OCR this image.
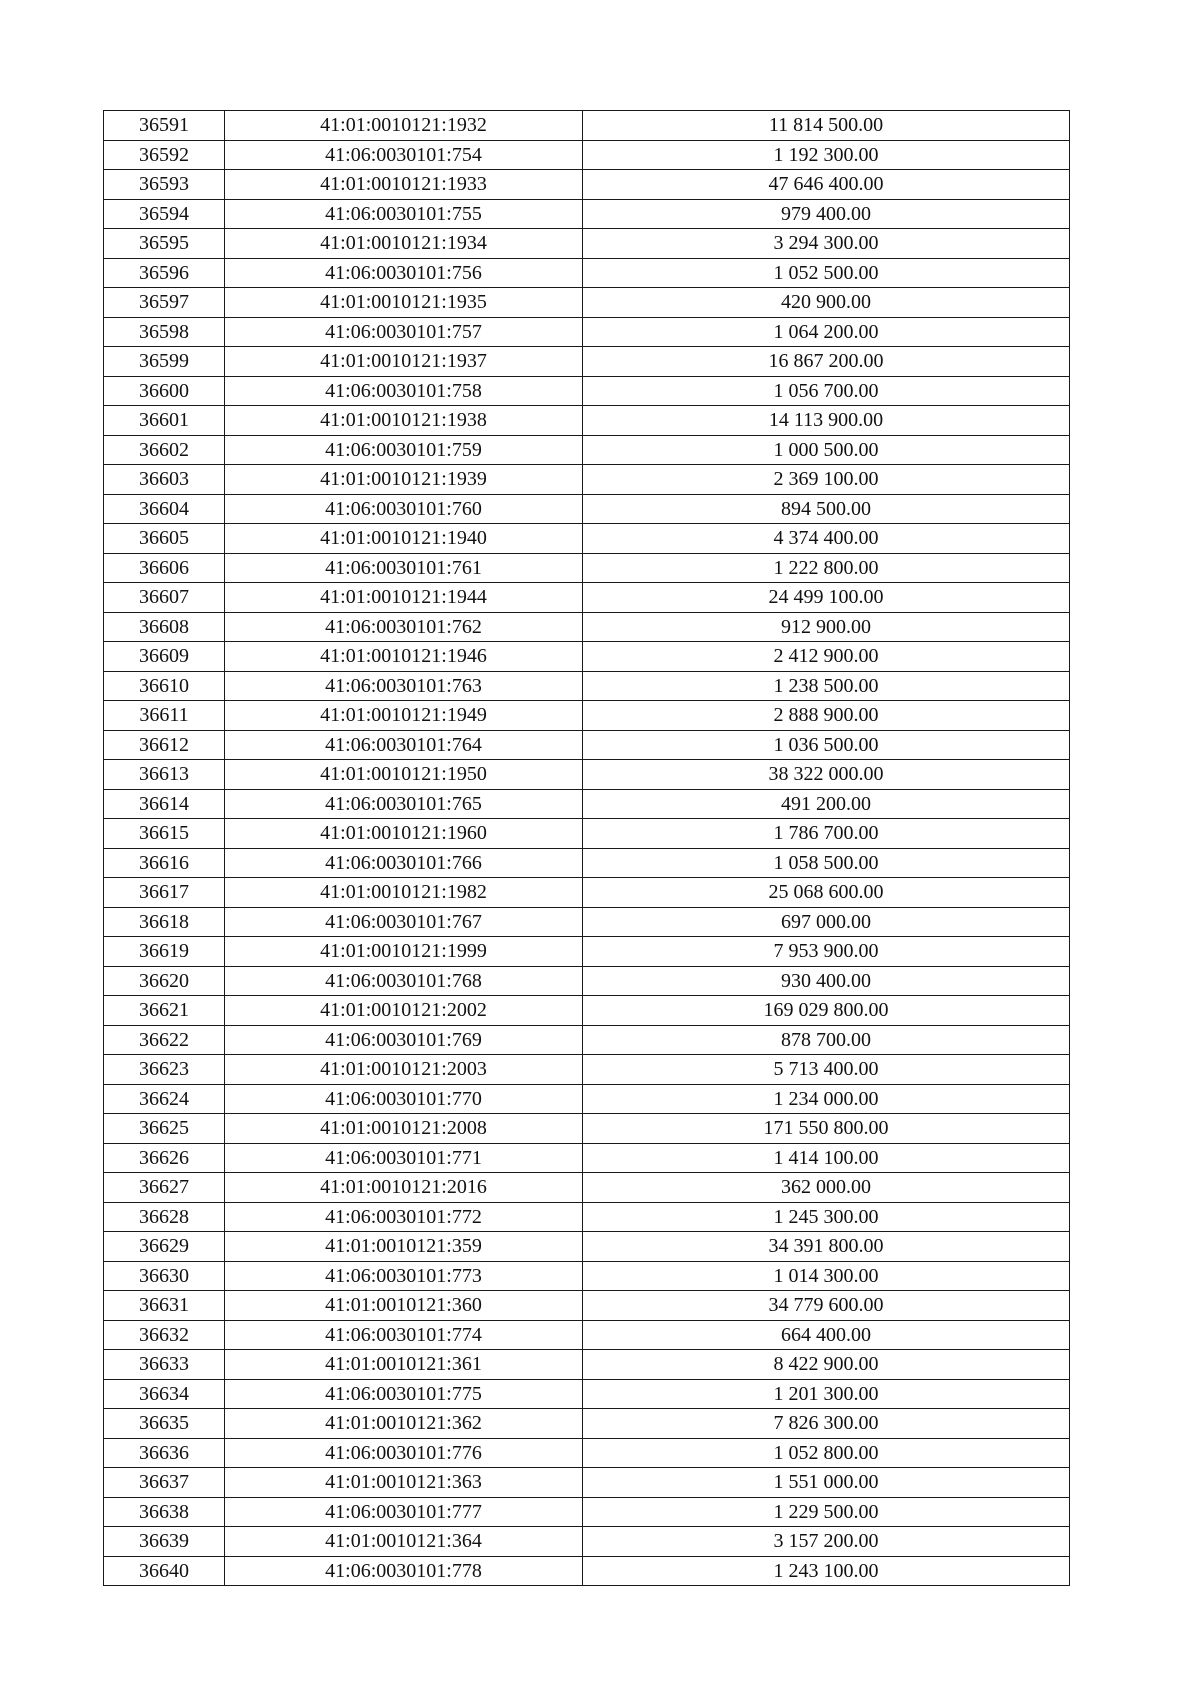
36591	41:01:0010121:1932	11 814 500.00
36592	41:06:0030101:754	1 192 300.00
36593	41:01:0010121:1933	47 646 400.00
36594	41:06:0030101:755	979 400.00
36595	41:01:0010121:1934	3 294 300.00
36596	41:06:0030101:756	1 052 500.00
36597	41:01:0010121:1935	420 900.00
36598	41:06:0030101:757	1 064 200.00
36599	41:01:0010121:1937	16 867 200.00
36600	41:06:0030101:758	1 056 700.00
36601	41:01:0010121:1938	14 113 900.00
36602	41:06:0030101:759	1 000 500.00
36603	41:01:0010121:1939	2 369 100.00
36604	41:06:0030101:760	894 500.00
36605	41:01:0010121:1940	4 374 400.00
36606	41:06:0030101:761	1 222 800.00
36607	41:01:0010121:1944	24 499 100.00
36608	41:06:0030101:762	912 900.00
36609	41:01:0010121:1946	2 412 900.00
36610	41:06:0030101:763	1 238 500.00
36611	41:01:0010121:1949	2 888 900.00
36612	41:06:0030101:764	1 036 500.00
36613	41:01:0010121:1950	38 322 000.00
36614	41:06:0030101:765	491 200.00
36615	41:01:0010121:1960	1 786 700.00
36616	41:06:0030101:766	1 058 500.00
36617	41:01:0010121:1982	25 068 600.00
36618	41:06:0030101:767	697 000.00
36619	41:01:0010121:1999	7 953 900.00
36620	41:06:0030101:768	930 400.00
36621	41:01:0010121:2002	169 029 800.00
36622	41:06:0030101:769	878 700.00
36623	41:01:0010121:2003	5 713 400.00
36624	41:06:0030101:770	1 234 000.00
36625	41:01:0010121:2008	171 550 800.00
36626	41:06:0030101:771	1 414 100.00
36627	41:01:0010121:2016	362 000.00
36628	41:06:0030101:772	1 245 300.00
36629	41:01:0010121:359	34 391 800.00
36630	41:06:0030101:773	1 014 300.00
36631	41:01:0010121:360	34 779 600.00
36632	41:06:0030101:774	664 400.00
36633	41:01:0010121:361	8 422 900.00
36634	41:06:0030101:775	1 201 300.00
36635	41:01:0010121:362	7 826 300.00
36636	41:06:0030101:776	1 052 800.00
36637	41:01:0010121:363	1 551 000.00
36638	41:06:0030101:777	1 229 500.00
36639	41:01:0010121:364	3 157 200.00
36640	41:06:0030101:778	1 243 100.00
